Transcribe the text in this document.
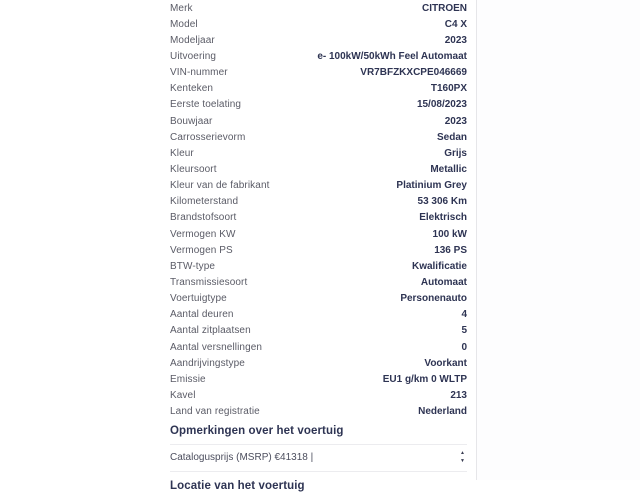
Merk	CITROEN
Model	C4 X
Modeljaar	2023
Uitvoering	e- 100kW/50kWh Feel Automaat
VIN-nummer	VR7BFZKXCPE046669
Kenteken	T160PX
Eerste toelating	15/08/2023
Bouwjaar	2023
Carrosserievorm	Sedan
Kleur	Grijs
Kleursoort	Metallic
Kleur van de fabrikant	Platinium Grey
Kilometerstand	53 306 Km
Brandstofsoort	Elektrisch
Vermogen KW	100 kW
Vermogen PS	136 PS
BTW-type	Kwalificatie
Transmissiesoort	Automaat
Voertuigtype	Personenauto
Aantal deuren	4
Aantal zitplaatsen	5
Aantal versnellingen	0
Aandrijvingstype	Voorkant
Emissie	EU1 g/km 0 WLTP
Kavel	213
Land van registratie	Nederland
Opmerkingen over het voertuig
Catalogusprijs (MSRP) €41318 |	▲
▼
Locatie van het voertuig
